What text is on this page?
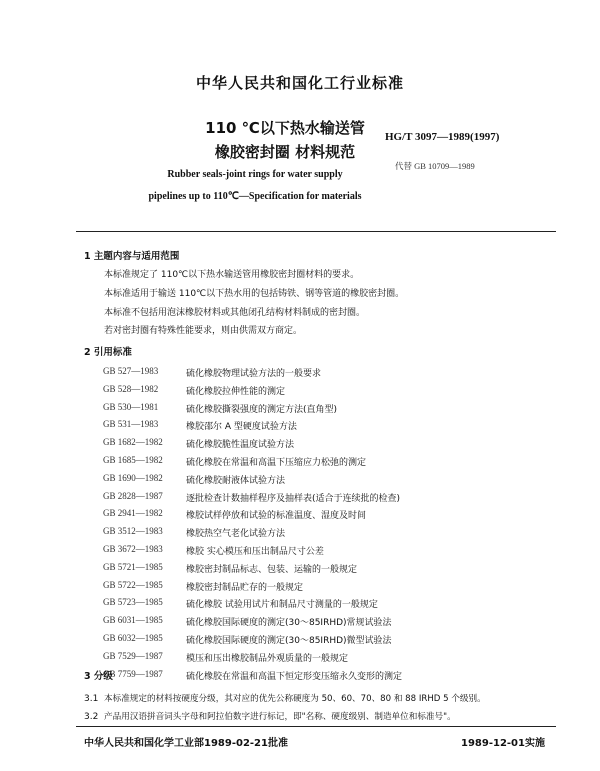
中华人民共和国化工行业标准
110 ℃以下热水输送管
橡胶密封圈 材料规范
HG/T 3097—1989(1997)
代替 GB 10709—1989
Rubber seals-joint rings for water supply
pipelines up to 110℃—Specification for materials
1 主题内容与适用范围
本标准规定了 110℃以下热水输送管用橡胶密封圈材料的要求。
本标准适用于输送 110℃以下热水用的包括铸铁、钢等管道的橡胶密封圈。
本标准不包括用泡沫橡胶材料或其他闭孔结构材料制成的密封圈。
若对密封圈有特殊性能要求，则由供需双方商定。
2 引用标准
GB 527—1983	硫化橡胶物理试验方法的一般要求
GB 528—1982	硫化橡胶拉伸性能的测定
GB 530—1981	硫化橡胶撕裂强度的测定方法(直角型)
GB 531—1983	橡胶邵尔 A 型硬度试验方法
GB 1682—1982	硫化橡胶脆性温度试验方法
GB 1685—1982	硫化橡胶在常温和高温下压缩应力松弛的测定
GB 1690—1982	硫化橡胶耐液体试验方法
GB 2828—1987	逐批检查计数抽样程序及抽样表(适合于连续批的检查)
GB 2941—1982	橡胶试样停放和试验的标准温度、湿度及时间
GB 3512—1983	橡胶热空气老化试验方法
GB 3672—1983	橡胶 实心模压和压出制品尺寸公差
GB 5721—1985	橡胶密封制品标志、包装、运输的一般规定
GB 5722—1985	橡胶密封制品贮存的一般规定
GB 5723—1985	硫化橡胶 试验用试片和制品尺寸测量的一般规定
GB 6031—1985	硫化橡胶国际硬度的测定(30～85IRHD)常规试验法
GB 6032—1985	硫化橡胶国际硬度的测定(30～85IRHD)微型试验法
GB 7529—1987	模压和压出橡胶制品外观质量的一般规定
GB 7759—1987	硫化橡胶在常温和高温下恒定形变压缩永久变形的测定
中华人民共和国化学工业部1989-02-21批准	1989-12-01实施
3 分级
3.1 本标准规定的材料按硬度分级，其对应的优先公称硬度为 50、60、70、80 和 88 IRHD 5 个级别。
3.2 产品用汉语拼音词头字母和阿拉伯数字进行标记，即"名称、硬度级别、制造单位和标准号"。
